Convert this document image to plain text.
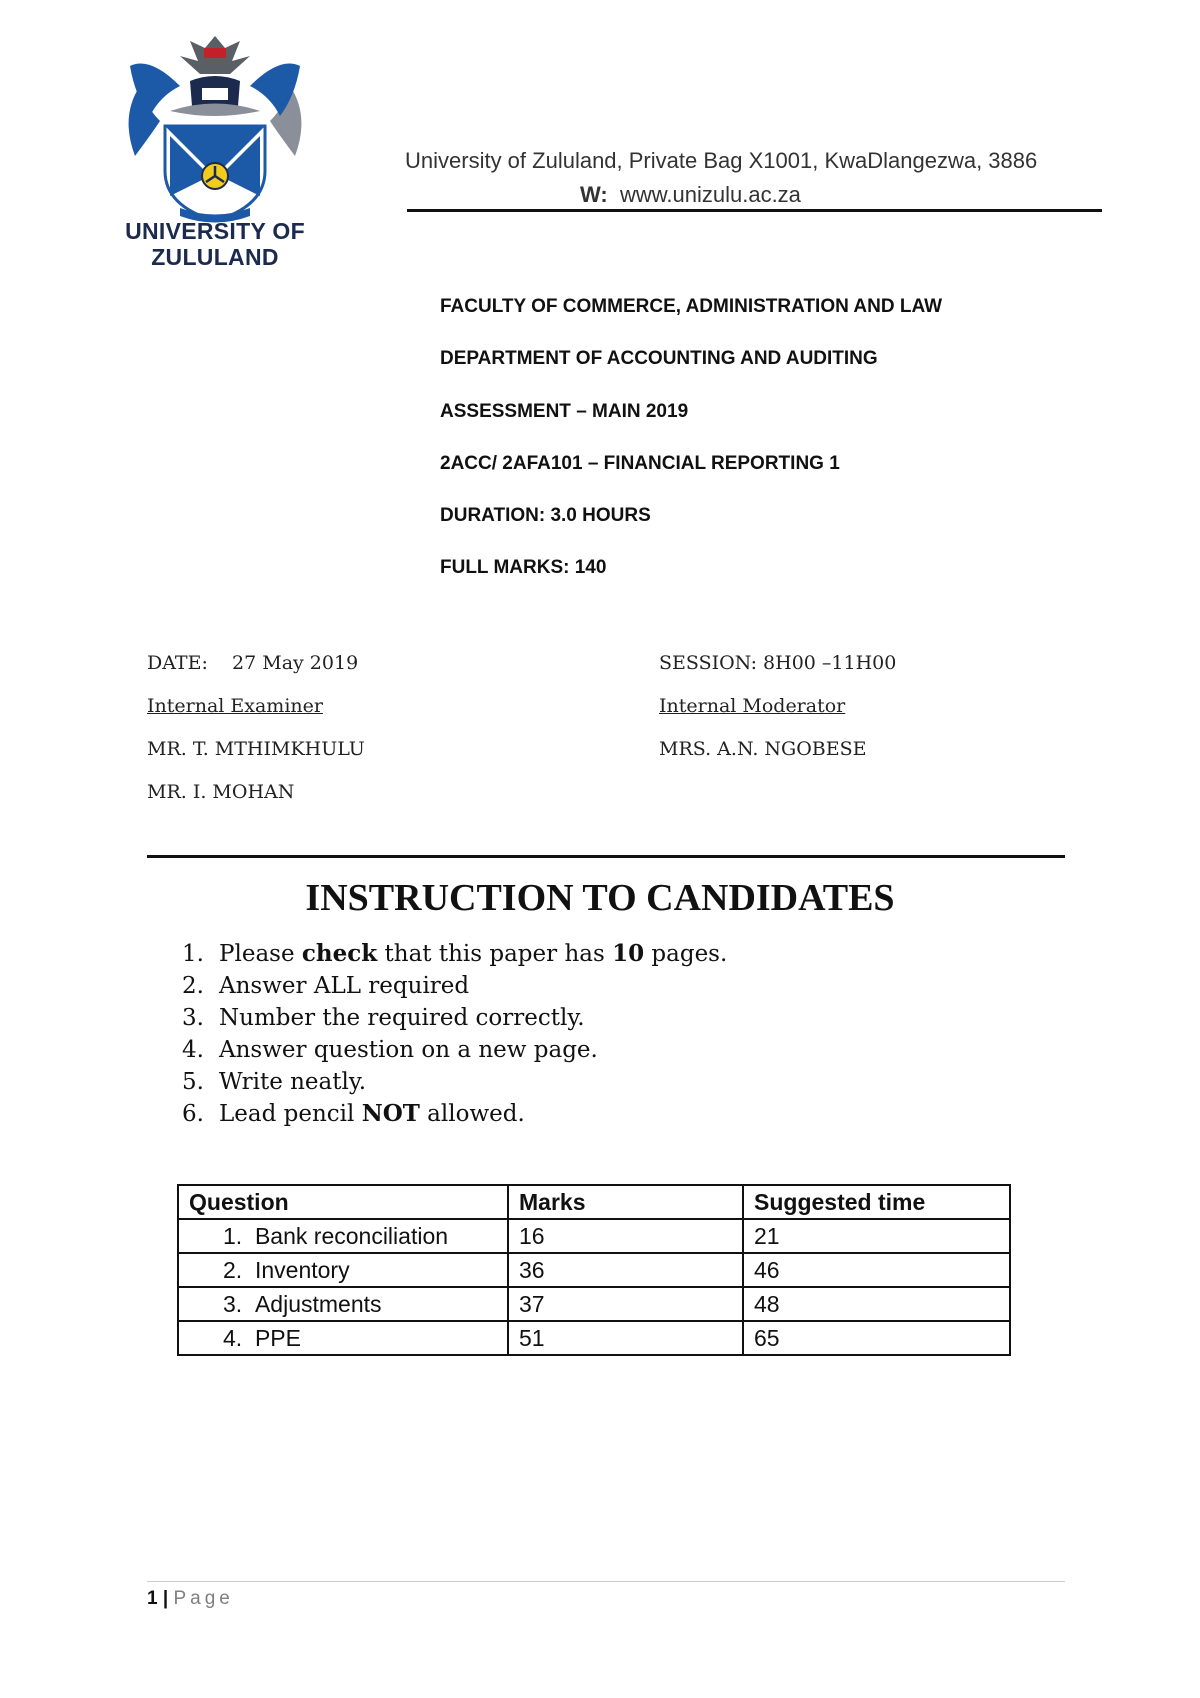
UNIVERSITY OF
ZULULAND
University of Zululand, Private Bag X1001, KwaDlangezwa, 3886
W: www.unizulu.ac.za
FACULTY OF COMMERCE, ADMINISTRATION AND LAW
DEPARTMENT OF ACCOUNTING AND AUDITING
ASSESSMENT – MAIN 2019
2ACC/ 2AFA101 – FINANCIAL REPORTING 1
DURATION: 3.0 HOURS
FULL MARKS: 140
DATE: 27 May 2019	SESSION: 8H00 –11H00
Internal Examiner	Internal Moderator
MR. T. MTHIMKHULU	MRS. A.N. NGOBESE
MR. I. MOHAN
INSTRUCTION TO CANDIDATES
1. Please check that this paper has 10 pages.
2. Answer ALL required
3. Number the required correctly.
4. Answer question on a new page.
5. Write neatly.
6. Lead pencil NOT allowed.
Question	Marks	Suggested time
1. Bank reconciliation	16	21
2. Inventory	36	46
3. Adjustments	37	48
4. PPE	51	65
1 | Page
